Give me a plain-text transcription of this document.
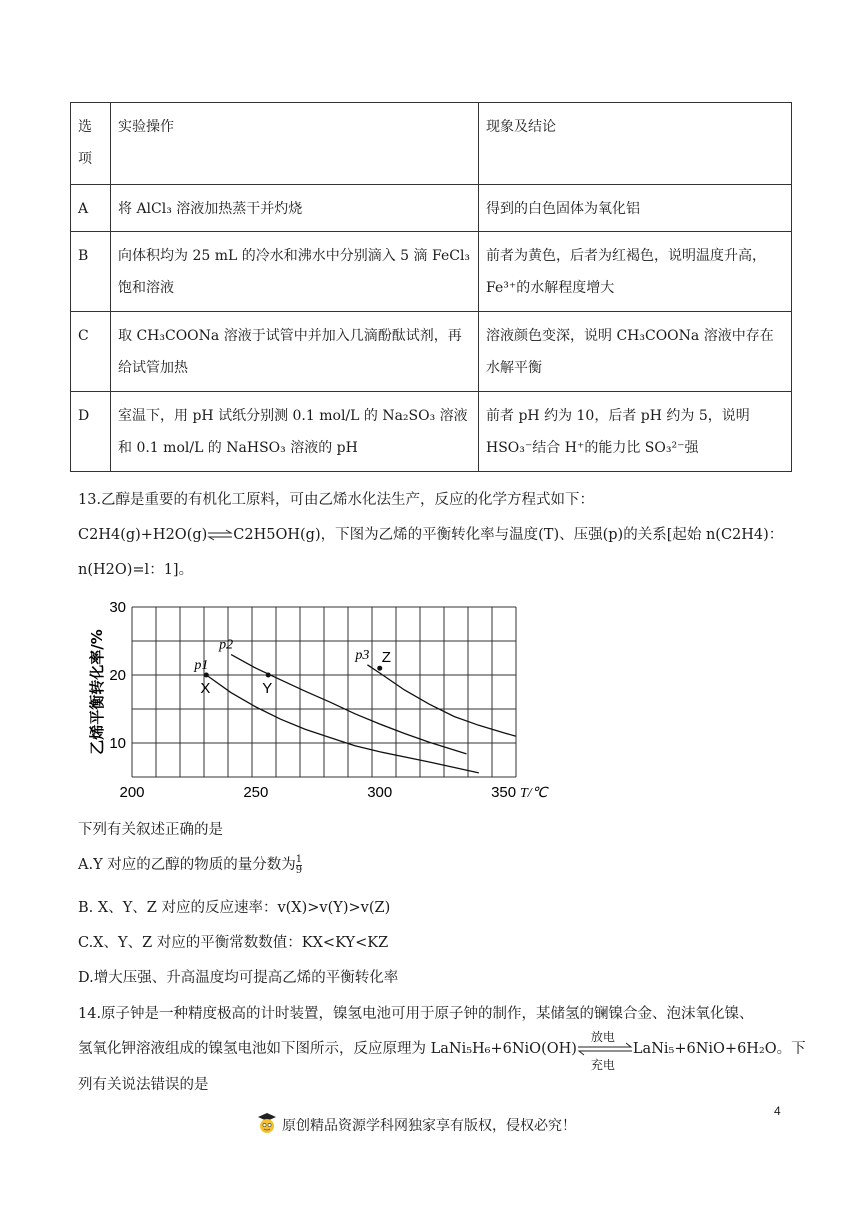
选
项	实验操作	现象及结论
A	将 AlCl₃ 溶液加热蒸干并灼烧	得到的白色固体为氧化铝
B	向体积均为 25 mL 的冷水和沸水中分别滴入 5 滴 FeCl₃ 饱和溶液	前者为黄色，后者为红褐色，说明温度升高，Fe³⁺的水解程度增大
C	取 CH₃COONa 溶液于试管中并加入几滴酚酞试剂，再给试管加热	溶液颜色变深，说明 CH₃COONa 溶液中存在水解平衡
D	室温下，用 pH 试纸分别测 0.1 mol/L 的 Na₂SO₃ 溶液和 0.1 mol/L 的 NaHSO₃ 溶液的 pH	前者 pH 约为 10，后者 pH 约为 5，说明 HSO₃⁻结合 H⁺的能力比 SO₃²⁻强
13.乙醇是重要的有机化工原料，可由乙烯水化法生产，反应的化学方程式如下：
C2H4(g)+H2O(g)⇌C2H5OH(g)，下图为乙烯的平衡转化率与温度(T)、压强(p)的关系[起始 n(C2H4)：
n(H2O)=l：1]。
200	250	300	350
10
20
30
T/℃
乙烯平衡转化率/%	p1
p2
p3
X	Y
Z
下列有关叙述正确的是
A.Y 对应的乙醇的物质的量分数为 $\frac{1}{9}$
B. X、Y、Z 对应的反应速率：v(X)>v(Y)>v(Z)
C.X、Y、Z 对应的平衡常数数值：KX<KY<KZ
D.增大压强、升高温度均可提高乙烯的平衡转化率
14.原子钟是一种精度极高的计时装置，镍氢电池可用于原子钟的制作，某储氢的镧镍合金、泡沫氧化镍、
氢氧化钾溶液组成的镍氢电池如下图所示，反应原理为 LaNi₅H₆+6NiO(OH)
放电
充电
LaNi₅+6NiO+6H₂O。下
列有关说法错误的是
原创精品资源学科网独家享有版权，侵权必究！
4
